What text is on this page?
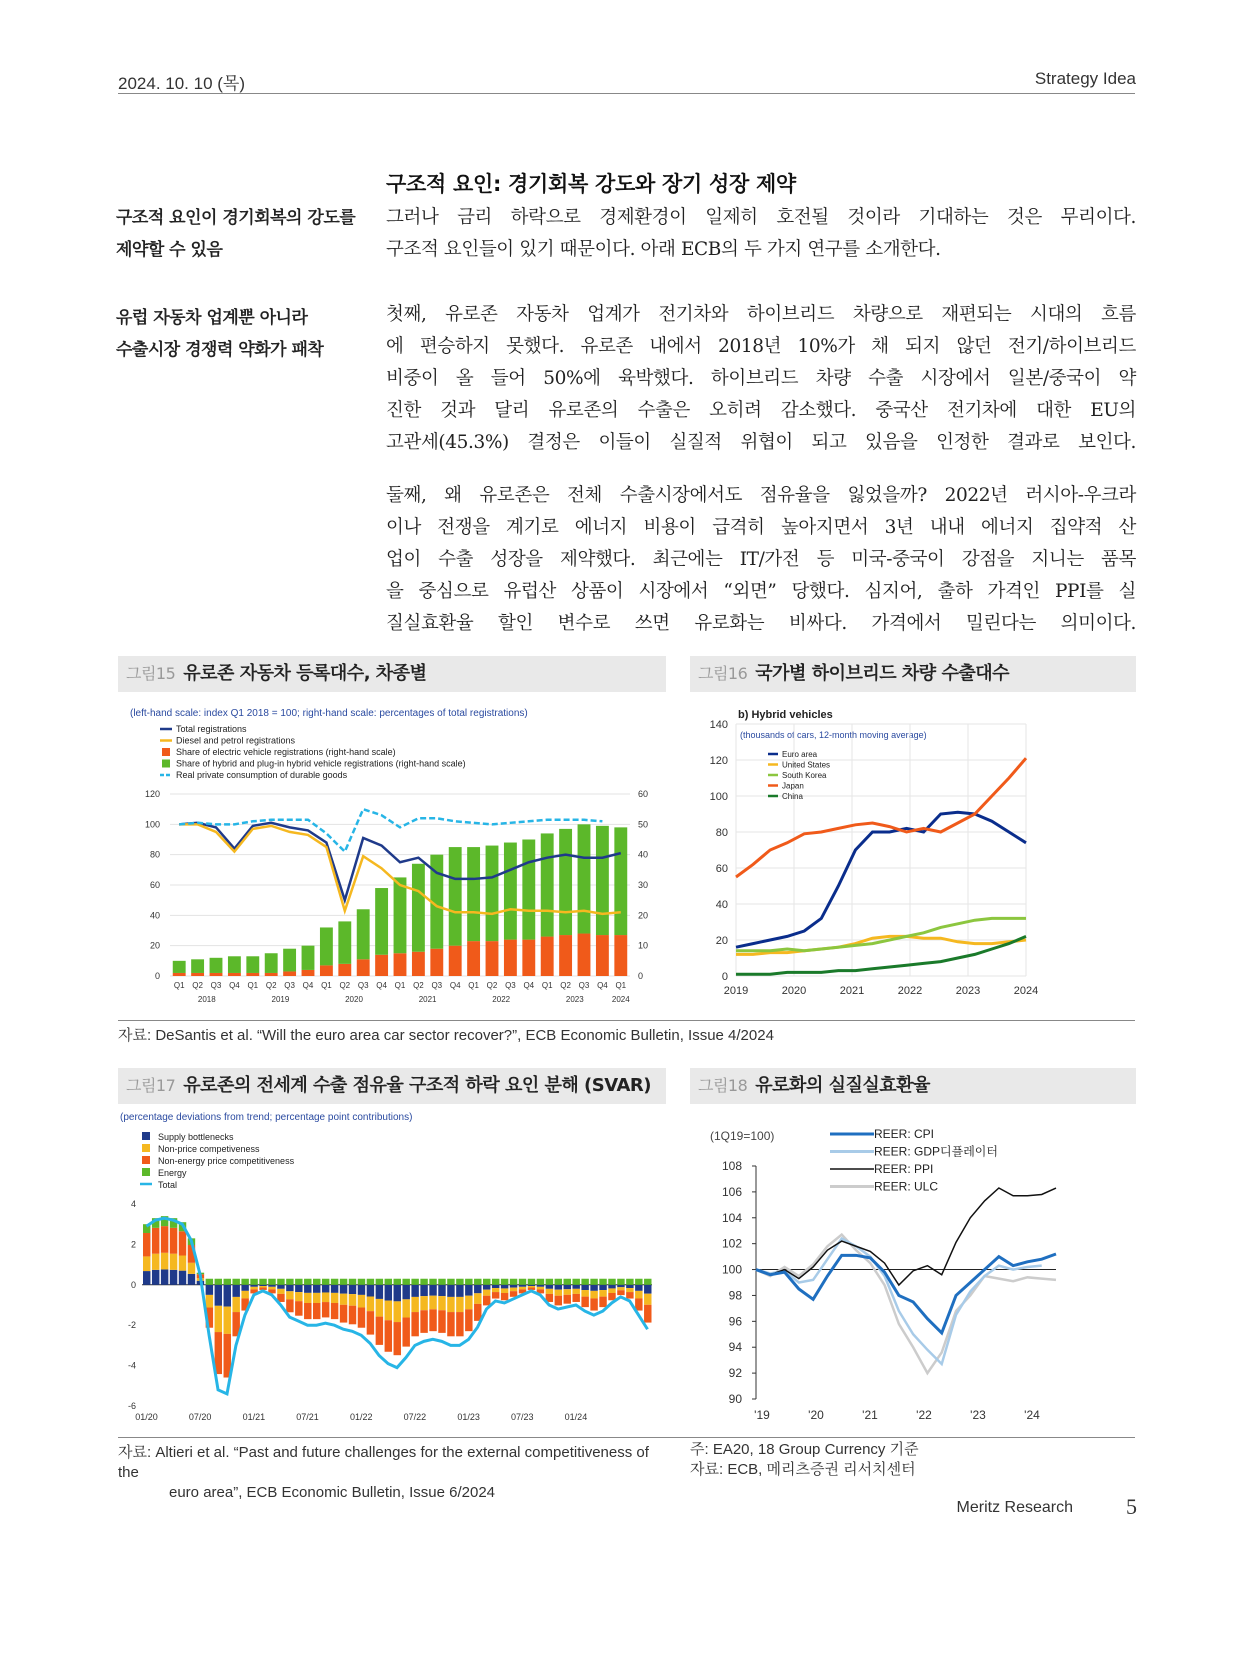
2024. 10. 10 (목)	Strategy Idea
구조적 요인: 경기회복 강도와 장기 성장 제약
구조적 요인이 경기회복의 강도를
제약할 수 있음
유럽 자동차 업계뿐 아니라
수출시장 경쟁력 약화가 패착
그러나 금리 하락으로 경제환경이 일제히 호전될 것이라 기대하는 것은 무리이다.
구조적 요인들이 있기 때문이다. 아래 ECB의 두 가지 연구를 소개한다.
첫째, 유로존 자동차 업계가 전기차와 하이브리드 차량으로 재편되는 시대의 흐름
에 편승하지 못했다. 유로존 내에서 2018년 10%가 채 되지 않던 전기/하이브리드
비중이 올 들어 50%에 육박했다. 하이브리드 차량 수출 시장에서 일본/중국이 약
진한 것과 달리 유로존의 수출은 오히려 감소했다. 중국산 전기차에 대한 EU의
고관세(45.3%) 결정은 이들이 실질적 위협이 되고 있음을 인정한 결과로 보인다.
둘째, 왜 유로존은 전체 수출시장에서도 점유율을 잃었을까? 2022년 러시아-우크라
이나 전쟁을 계기로 에너지 비용이 급격히 높아지면서 3년 내내 에너지 집약적 산
업이 수출 성장을 제약했다. 최근에는 IT/가전 등 미국-중국이 강점을 지니는 품목
을 중심으로 유럽산 상품이 시장에서 “외면” 당했다. 심지어, 출하 가격인 PPI를 실
질실효환율 할인 변수로 쓰면 유로화는 비싸다. 가격에서 밀린다는 의미이다.
그림15 유로존 자동차 등록대수, 차종별	그림16 국가별 하이브리드 차량 수출대수
그림17 유로존의 전세계 수출 점유율 구조적 하락 요인 분해 (SVAR)	그림18 유로화의 실질실효환율
(left-hand scale: index Q1 2018 = 100; right-hand scale: percentages of total registrations)
Total registrations
Diesel and petrol registrations
Share of electric vehicle registrations (right-hand scale)
Share of hybrid and plug-in hybrid vehicle registrations (right-hand scale)
Real private consumption of durable goods
0
20
40
60
80
100
120
0
10
20
30
40
50
60
Q1 Q2 Q3 Q4 Q1 Q2 Q3 Q4 Q1 Q2 Q3 Q4 Q1 Q2 Q3 Q4 Q1 Q2 Q3 Q4 Q1 Q2 Q3 Q4 Q1
2018	2019	2020	2021	2022	2023	2024
b) Hybrid vehicles
(thousands of cars, 12-month moving average)
0
20
40
60
80
100
120
140
2019	2020	2021	2022	2023	2024
Euro area
United States
South Korea
Japan
China
(percentage deviations from trend; percentage point contributions)
Supply bottlenecks
Non-price competiveness
Non-energy price competitiveness
Energy
Total
-6
-4
-2
0
2
4
01/20	07/20	01/21	07/21	01/22	07/22	01/23	07/23	01/24
(1Q19=100)
90
92
94
96
98
100
102
104
106
108
'19	'20	'21	'22	'23	'24
REER: CPI
REER: GDP디플레이터
REER: PPI
REER: ULC
자료: DeSantis et al. “Will the euro area car sector recover?”, ECB Economic Bulletin, Issue 4/2024
자료: Altieri et al. “Past and future challenges for the external competitiveness of the
euro area”, ECB Economic Bulletin, Issue 6/2024
주: EA20, 18 Group Currency 기준
자료: ECB, 메리츠증권 리서치센터
Meritz Research 5
